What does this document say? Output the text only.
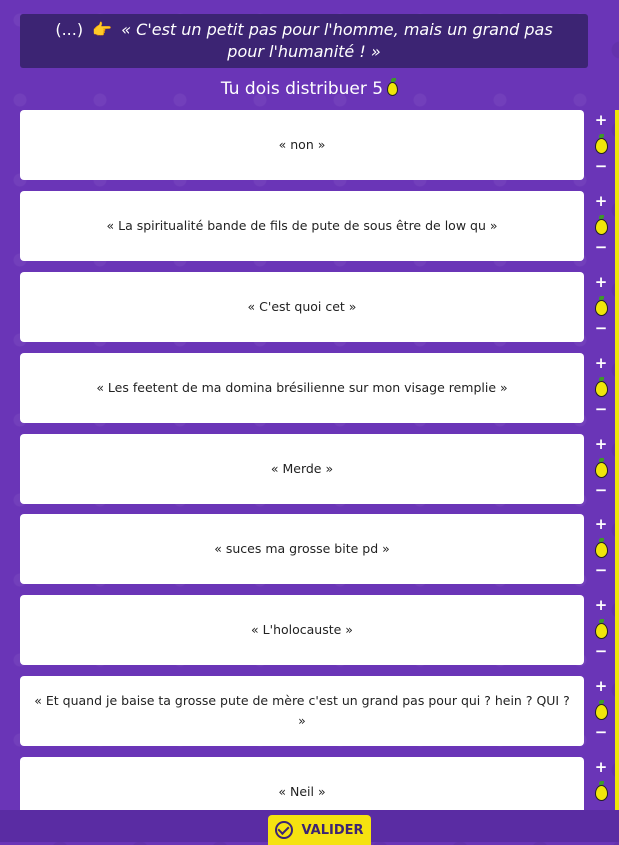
(...) 👉 « C'est un petit pas pour l'homme, mais un grand pas pour l'humanité ! »
Tu dois distribuer 5
« non »
+
−
« La spiritualité bande de fils de pute de sous être de low qu »
+
−
« C'est quoi cet »
+
−
« Les feetent de ma domina brésilienne sur mon visage remplie »
+
−
« Merde »
+
−
« suces ma grosse bite pd »
+
−
« L'holocauste »
+
−
« Et quand je baise ta grosse pute de mère c'est un grand pas pour qui ? hein ? QUI ? »
+
−
« Neil »
+
VALIDER
